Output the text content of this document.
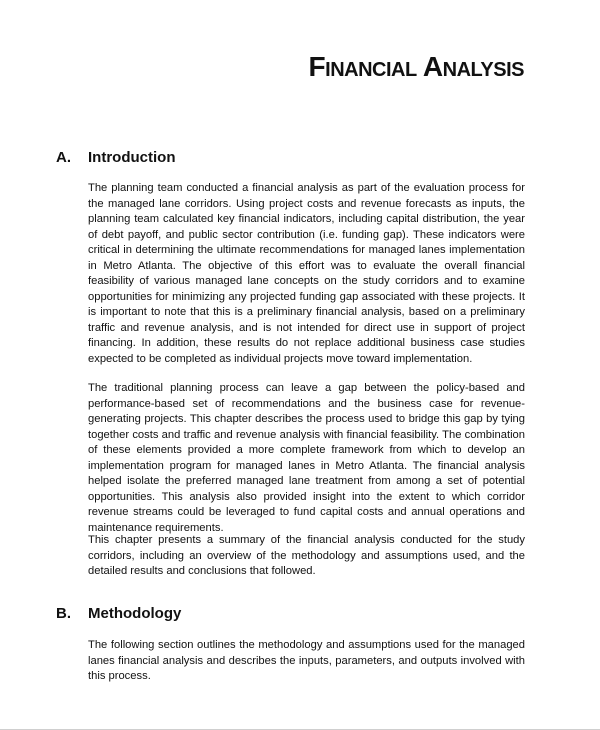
Financial Analysis
A. Introduction

The planning team conducted a financial analysis as part of the evaluation process for the managed lane corridors. Using project costs and revenue forecasts as inputs, the planning team calculated key financial indicators, including capital distribution, the year of debt payoff, and public sector contribution (i.e. funding gap). These indicators were critical in determining the ultimate recommendations for managed lanes implementation in Metro Atlanta. The objective of this effort was to evaluate the overall financial feasibility of various managed lane concepts on the study corridors and to examine opportunities for minimizing any projected funding gap associated with these projects. It is important to note that this is a preliminary financial analysis, based on a preliminary traffic and revenue analysis, and is not intended for direct use in support of project financing. In addition, these results do not replace additional business case studies expected to be completed as individual projects move toward implementation.

The traditional planning process can leave a gap between the policy-based and performance-based set of recommendations and the business case for revenue-generating projects. This chapter describes the process used to bridge this gap by tying together costs and traffic and revenue analysis with financial feasibility. The combination of these elements provided a more complete framework from which to develop an implementation program for managed lanes in Metro Atlanta. The financial analysis helped isolate the preferred managed lane treatment from among a set of potential opportunities. This analysis also provided insight into the extent to which corridor revenue streams could be leveraged to fund capital costs and annual operations and maintenance requirements.

This chapter presents a summary of the financial analysis conducted for the study corridors, including an overview of the methodology and assumptions used, and the detailed results and conclusions that followed.

B. Methodology

The following section outlines the methodology and assumptions used for the managed lanes financial analysis and describes the inputs, parameters, and outputs involved with this process.
